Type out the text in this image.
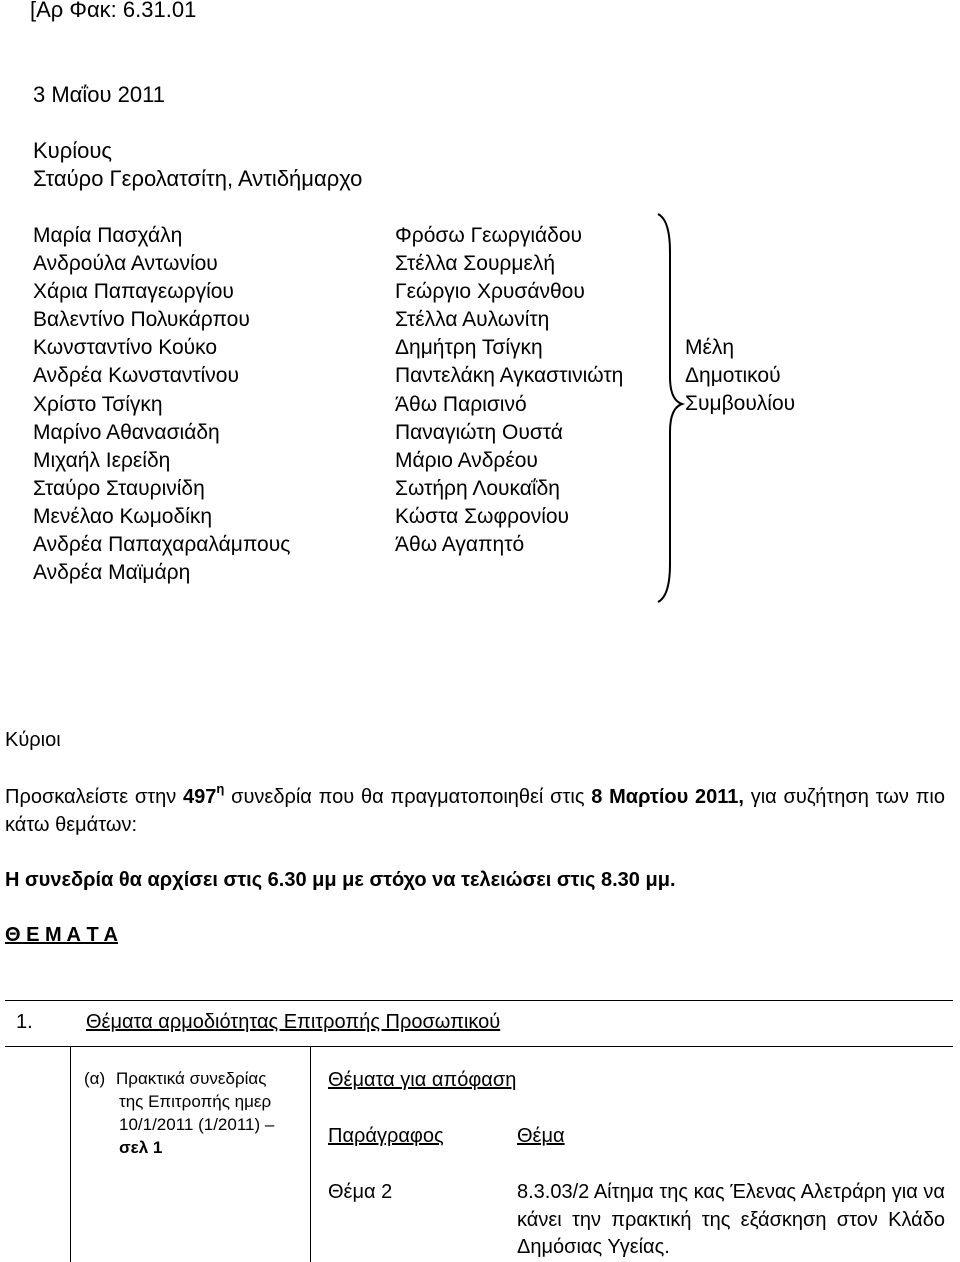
[Αρ Φακ: 6.31.01
3 Μαΐου 2011
Κυρίους
Σταύρο Γερολατσίτη, Αντιδήμαρχο
Μαρία Πασχάλη
Ανδρούλα Αντωνίου
Χάρια Παπαγεωργίου
Βαλεντίνο Πολυκάρπου
Κωνσταντίνο Κούκο
Ανδρέα Κωνσταντίνου
Χρίστο Τσίγκη
Μαρίνο Αθανασιάδη
Μιχαήλ Ιερείδη
Σταύρο Σταυρινίδη
Μενέλαο Κωμοδίκη
Ανδρέα Παπαχαραλάμπους
Ανδρέα Μαϊμάρη
Φρόσω Γεωργιάδου
Στέλλα Σουρμελή
Γεώργιο Χρυσάνθου
Στέλλα Αυλωνίτη
Δημήτρη Τσίγκη
Παντελάκη Αγκαστινιώτη
Άθω Παρισινό
Παναγιώτη Ουστά
Μάριο Ανδρέου
Σωτήρη Λουκαΐδη
Κώστα Σωφρονίου
Άθω Αγαπητό
Μέλη
Δημοτικού
Συμβουλίου
Κύριοι
Προσκαλείστε στην $497^\eta$ συνεδρία που θα πραγματοποιηθεί στις 8 Μαρτίου 2011, για συζήτηση των πιο κάτω θεμάτων:
Η συνεδρία θα αρχίσει στις 6.30 μμ με στόχο να τελειώσει στις 8.30 μμ.
Θ Ε Μ Α Τ Α
1.	Θέματα αρμοδιότητας Επιτροπής Προσωπικού
(α) Πρακτικά συνεδρίας
της Επιτροπής ημερ
10/1/2011 (1/2011) –
σελ 1
Θέματα για απόφαση
Παράγραφος	Θέμα
Θέμα 2	8.3.03/2 Αίτημα της κας Έλενας Αλετράρη για να κάνει την πρακτική της εξάσκηση στον Κλάδο Δημόσιας Υγείας.
